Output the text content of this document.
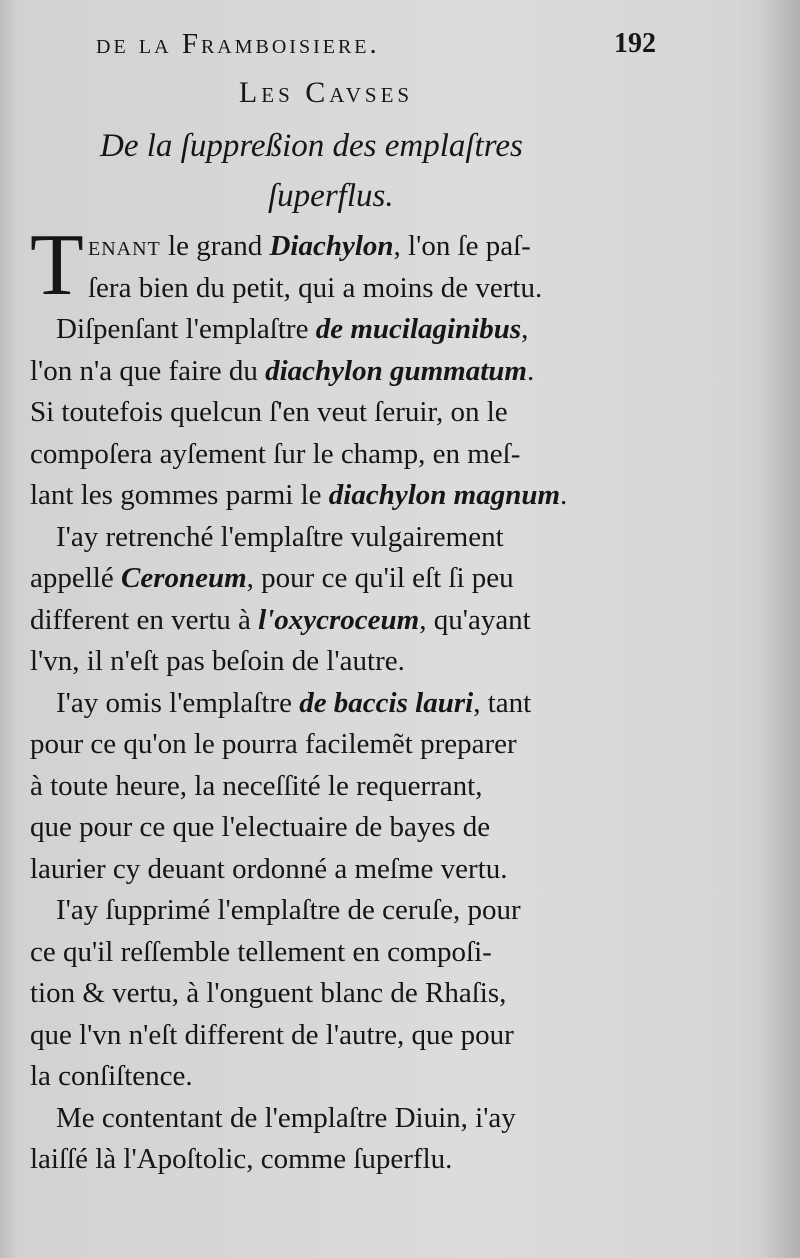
de la Framboisiere.	192
Les Cavses
De la ſuppreßion des emplaſtres
ſuperflus.
T enant le grand Diachylon, l'on ſe paſ-
ſera bien du petit, qui a moins de vertu.
Diſpenſant l'emplaſtre de mucilaginibus,
l'on n'a que faire du diachylon gummatum.
Si toutefois quelcun ſ'en veut ſeruir, on le
compoſera ayſement ſur le champ, en meſ-
lant les gommes parmi le diachylon magnum.
I'ay retrenché l'emplaſtre vulgairement
appellé Ceroneum, pour ce qu'il eſt ſi peu
different en vertu à l'oxycroceum, qu'ayant
l'vn, il n'eſt pas beſoin de l'autre.
I'ay omis l'emplaſtre de baccis lauri, tant
pour ce qu'on le pourra facilemẽt preparer
à toute heure, la neceſſité le requerrant,
que pour ce que l'electuaire de bayes de
laurier cy deuant ordonné a meſme vertu.
I'ay ſupprimé l'emplaſtre de ceruſe, pour
ce qu'il reſſemble tellement en compoſi-
tion & vertu, à l'onguent blanc de Rhaſis,
que l'vn n'eſt different de l'autre, que pour
la conſiſtence.
Me contentant de l'emplaſtre Diuin, i'ay
laiſſé là l'Apoſtolic, comme ſuperflu.
